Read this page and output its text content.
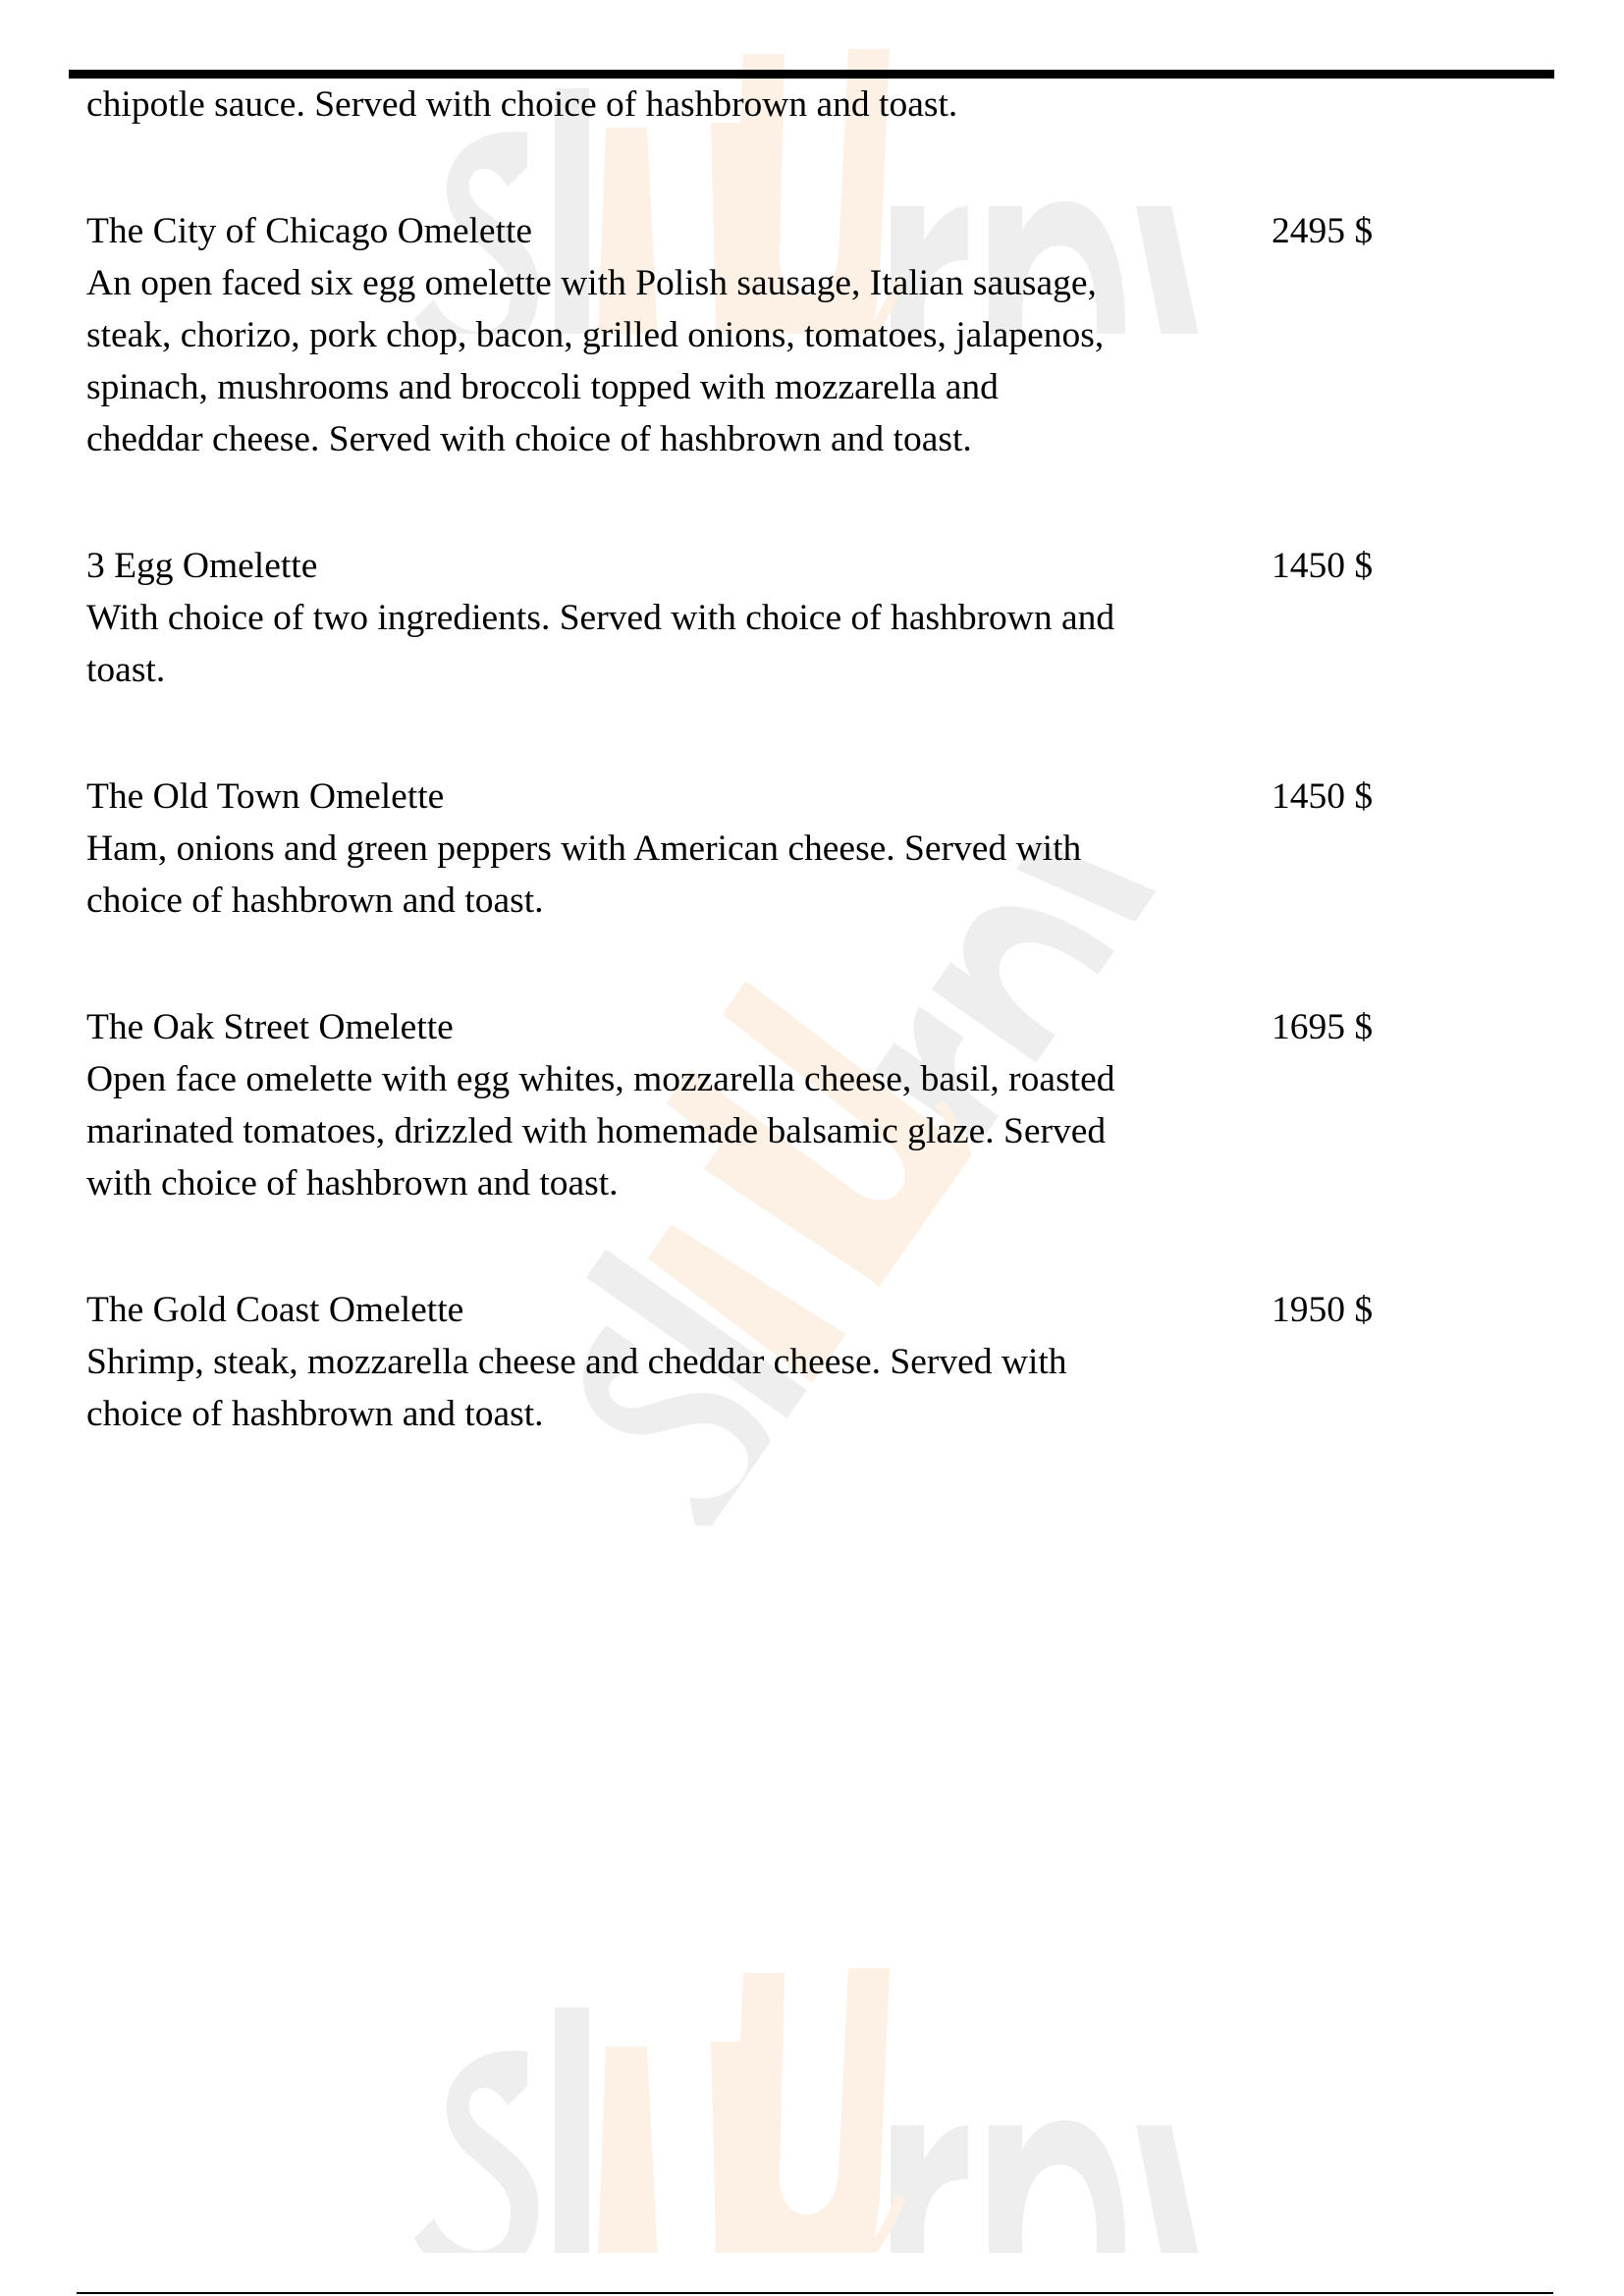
chipotle sauce. Served with choice of hashbrown and toast.
The City of Chicago Omelette
An open faced six egg omelette with Polish sausage, Italian sausage,
steak, chorizo, pork chop, bacon, grilled onions, tomatoes, jalapenos,
spinach, mushrooms and broccoli topped with mozzarella and
cheddar cheese. Served with choice of hashbrown and toast.
2495 $
3 Egg Omelette
With choice of two ingredients. Served with choice of hashbrown and
toast.
1450 $
The Old Town Omelette
Ham, onions and green peppers with American cheese. Served with
choice of hashbrown and toast.
1450 $
The Oak Street Omelette
Open face omelette with egg whites, mozzarella cheese, basil, roasted
marinated tomatoes, drizzled with homemade balsamic glaze. Served
with choice of hashbrown and toast.
1695 $
The Gold Coast Omelette
Shrimp, steak, mozzarella cheese and cheddar cheese. Served with
choice of hashbrown and toast.
1950 $
